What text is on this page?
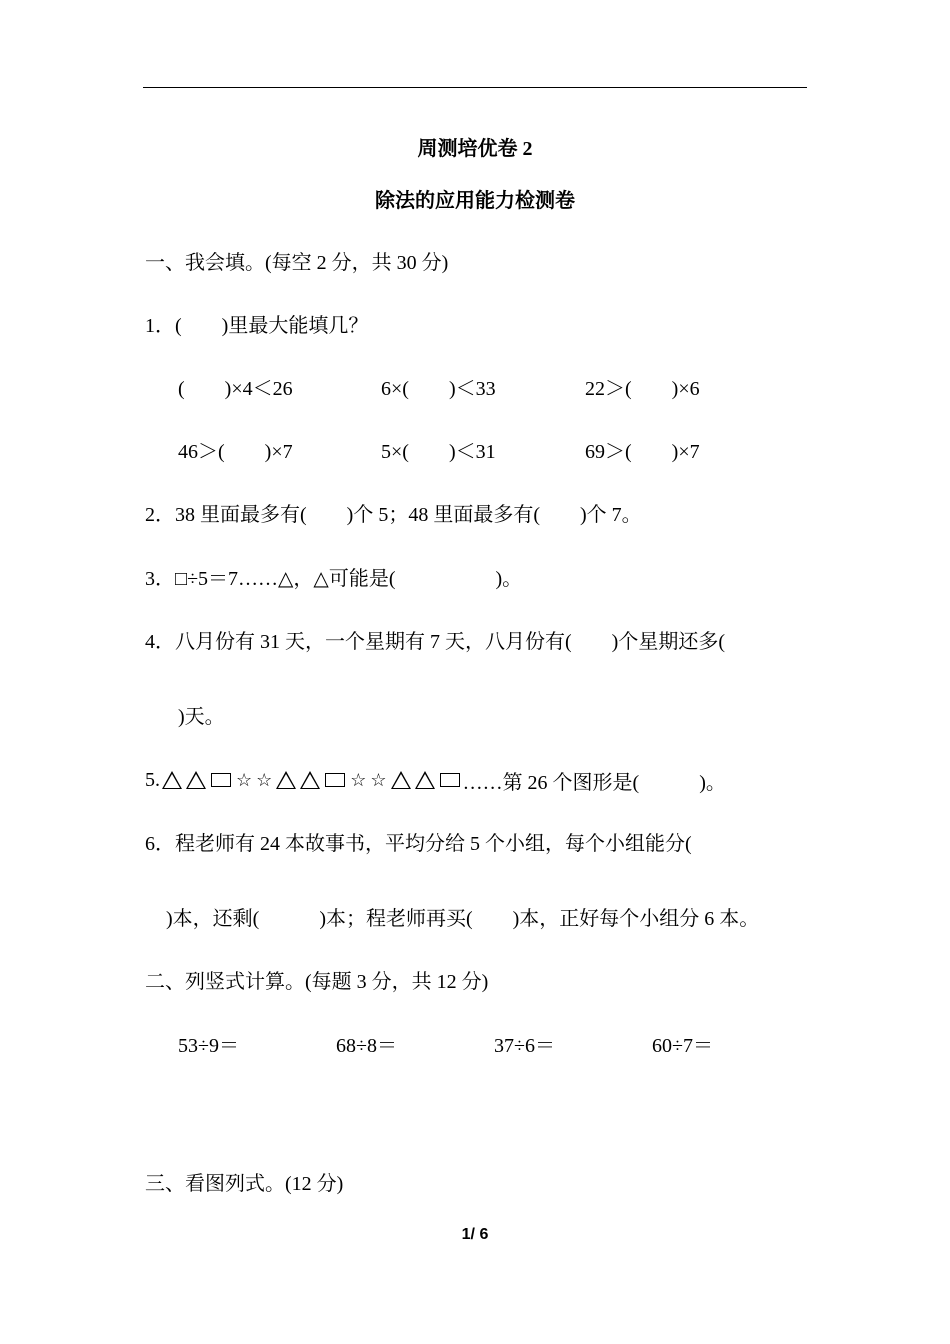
周测培优卷 2
除法的应用能力检测卷
一、我会填。(每空 2 分，共 30 分)
1．(　　)里最大能填几？
(　　)×4＜26	6×(　　)＜33	22＞(　　)×6
46＞(　　)×7	5×(　　)＜31	69＞(　　)×7
2．38 里面最多有(　　)个 5；48 里面最多有(　　)个 7。
3．□÷5＝7……△，△可能是(　　　　　)。
4．八月份有 31 天，一个星期有 7 天，八月份有(　　)个星期还多(
)天。
5.	☆ ☆	☆ ☆	……第 26 个图形是(　　　)。
6．程老师有 24 本故事书，平均分给 5 个小组，每个小组能分(
)本，还剩(　　　)本；程老师再买(　　)本，正好每个小组分 6 本。
二、列竖式计算。(每题 3 分，共 12 分)
53÷9＝	68÷8＝	37÷6＝	60÷7＝
三、看图列式。(12 分)
1/ 6
